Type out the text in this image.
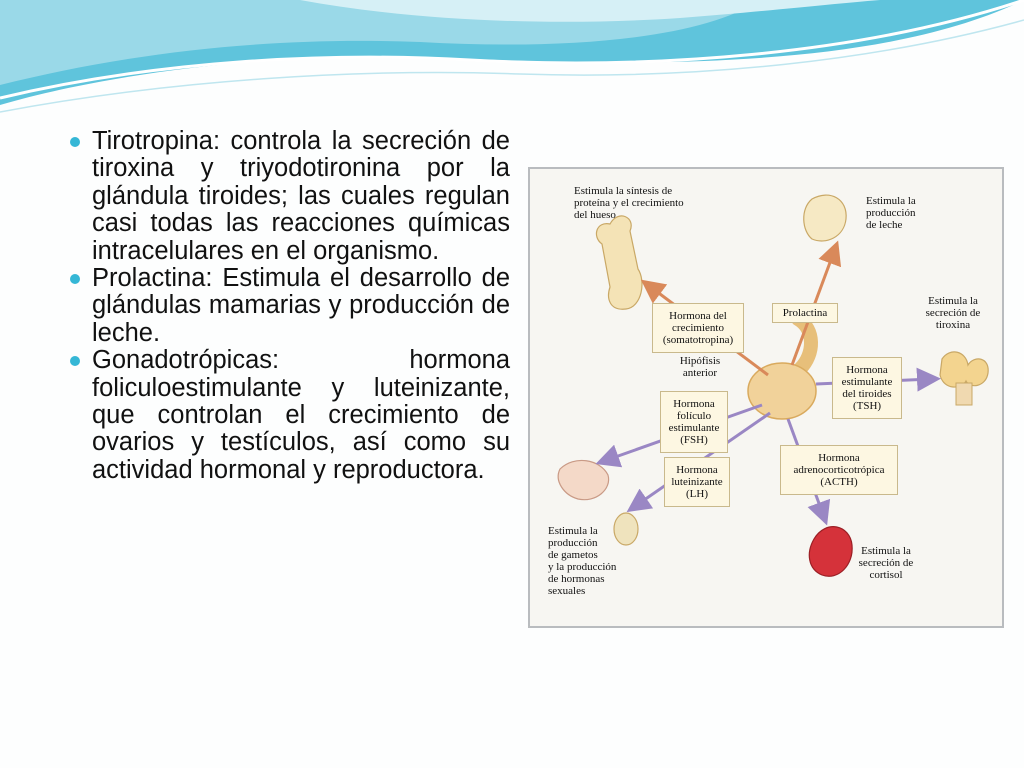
Tirotropina: controla la secreción de tiroxina y triyodotironina por la glándula tiroides; las cuales regulan casi todas las reacciones químicas intracelulares en el organismo.
Prolactina: Estimula el desarrollo de glándulas mamarias y producción de leche.
Gonadotrópicas: hormona foliculoestimulante y luteinizante, que controlan el crecimiento de ovarios y testículos, así como su actividad hormonal y reproductora.
Estimula la síntesis de
proteína y el crecimiento
del hueso
Estimula la
producción
de leche
Estimula la
secreción de
tiroxina
Estimula la
producción
de gametos
y la producción
de hormonas
sexuales
Estimula la
secreción de
cortisol
Hipófisis
anterior
Hormona del
crecimiento
(somatotropina)
Prolactina
Hormona
estimulante
del tiroides
(TSH)
Hormona
folículo
estimulante
(FSH)
Hormona
luteinizante
(LH)
Hormona
adrenocorticotrópica
(ACTH)
